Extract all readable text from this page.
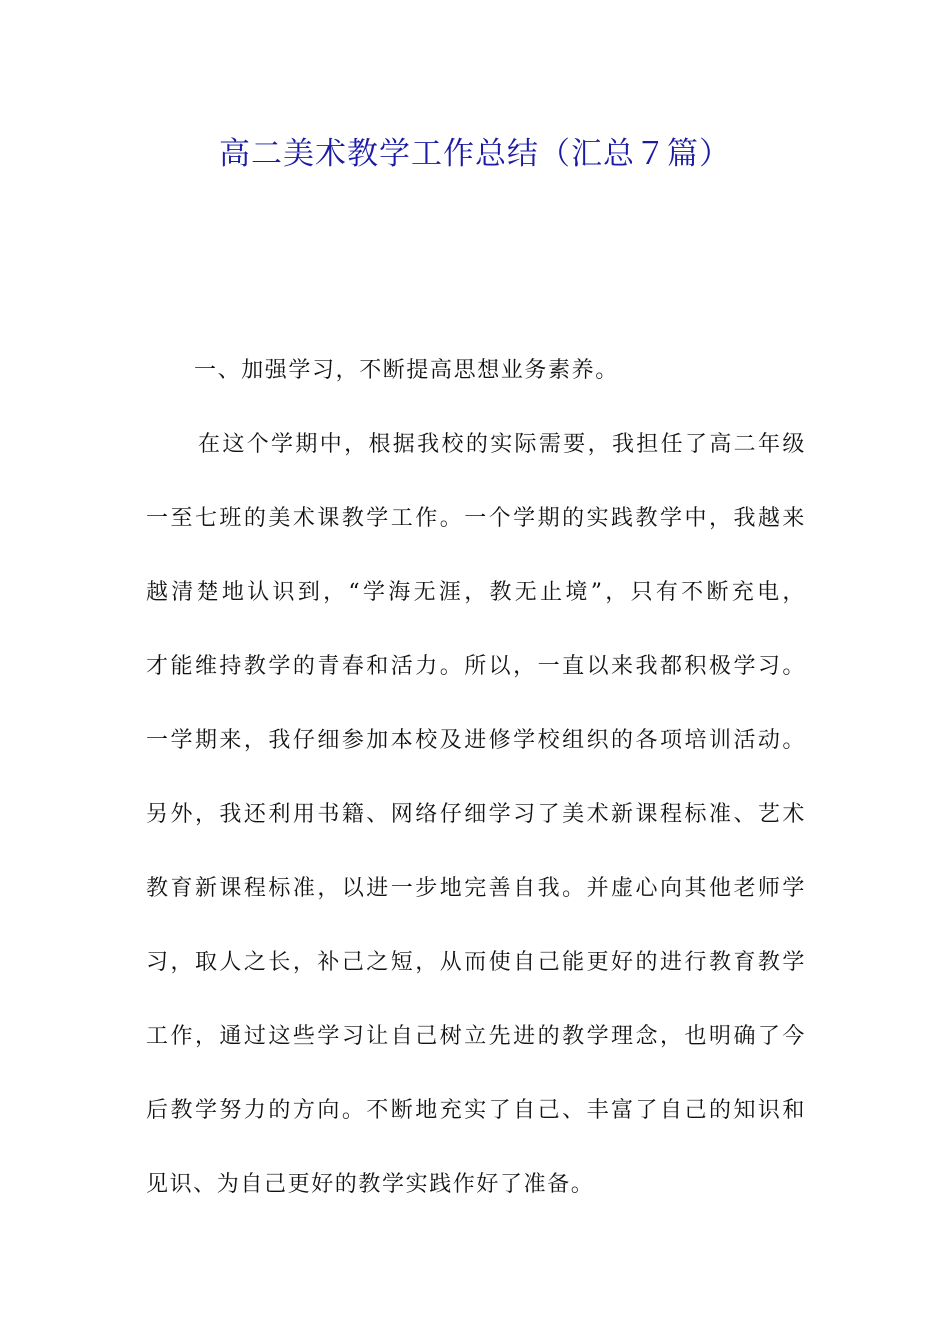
高二美术教学工作总结（汇总７篇）

一、加强学习，不断提高思想业务素养。

在这个学期中，根据我校的实际需要，我担任了高二年级

一至七班的美术课教学工作。一个学期的实践教学中，我越来

越清楚地认识到，“学海无涯，教无止境”，只有不断充电，

才能维持教学的青春和活力。所以，一直以来我都积极学习。

一学期来，我仔细参加本校及进修学校组织的各项培训活动。

另外，我还利用书籍、网络仔细学习了美术新课程标准、艺术

教育新课程标准，以进一步地完善自我。并虚心向其他老师学

习，取人之长，补己之短，从而使自己能更好的进行教育教学

工作，通过这些学习让自己树立先进的教学理念，也明确了今

后教学努力的方向。不断地充实了自己、丰富了自己的知识和

见识、为自己更好的教学实践作好了准备。
